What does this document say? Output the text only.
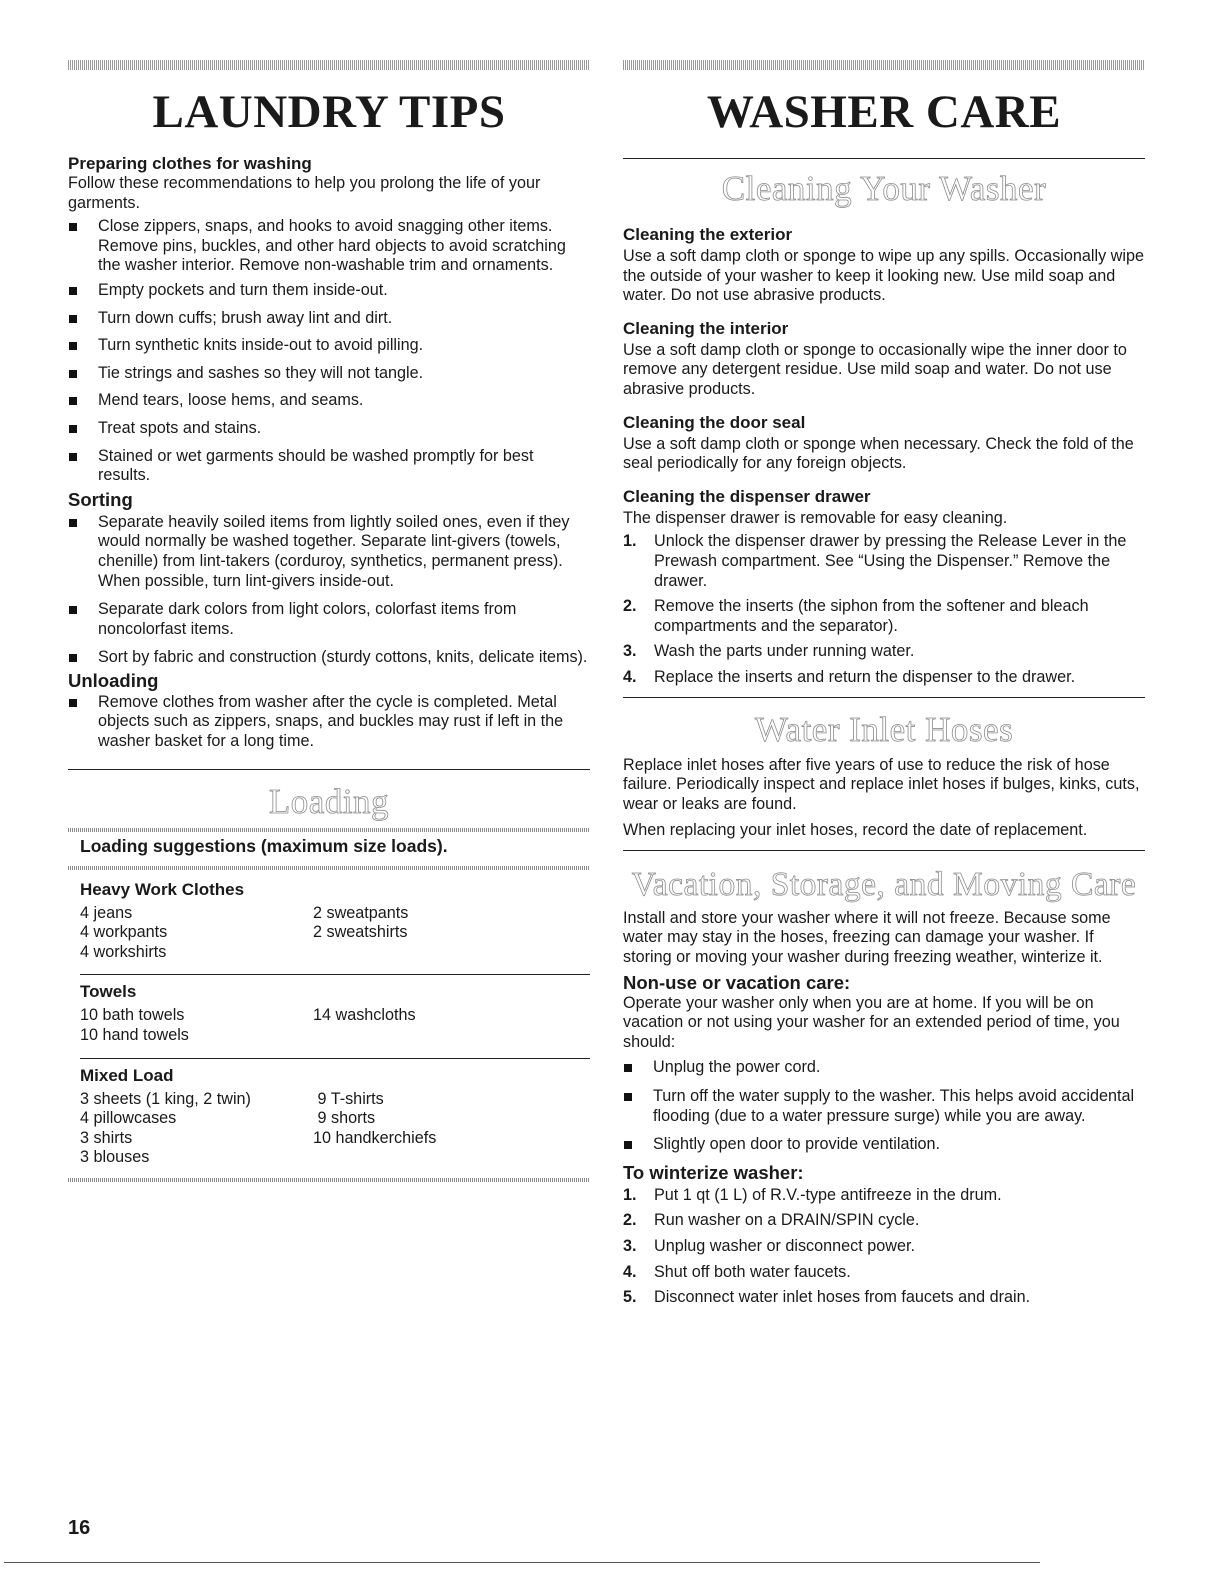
LAUNDRY TIPS
Preparing clothes for washing

Follow these recommendations to help you prolong the life of your garments.

Close zippers, snaps, and hooks to avoid snagging other items. Remove pins, buckles, and other hard objects to avoid scratching the washer interior. Remove non-washable trim and ornaments.
Empty pockets and turn them inside-out.
Turn down cuffs; brush away lint and dirt.
Turn synthetic knits inside-out to avoid pilling.
Tie strings and sashes so they will not tangle.
Mend tears, loose hems, and seams.
Treat spots and stains.
Stained or wet garments should be washed promptly for best results.
Sorting
Separate heavily soiled items from lightly soiled ones, even if they would normally be washed together. Separate lint-givers (towels, chenille) from lint-takers (corduroy, synthetics, permanent press). When possible, turn lint-givers inside-out.
Separate dark colors from light colors, colorfast items from noncolorfast items.
Sort by fabric and construction (sturdy cottons, knits, delicate items).
Unloading
Remove clothes from washer after the cycle is completed. Metal objects such as zippers, snaps, and buckles may rust if left in the washer basket for a long time.
Loading
Loading suggestions (maximum size loads).
Heavy Work Clothes
4 jeans
4 workpants
4 workshirts
2 sweatpants
2 sweatshirts
Towels
10 bath towels
10 hand towels
14 washcloths
Mixed Load
3 sheets (1 king, 2 twin)
4 pillowcases
3 shirts
3 blouses
9 T-shirts
9 shorts
10 handkerchiefs
WASHER CARE
Cleaning Your Washer
Cleaning the exterior

Use a soft damp cloth or sponge to wipe up any spills. Occasionally wipe the outside of your washer to keep it looking new. Use mild soap and water. Do not use abrasive products.

Cleaning the interior

Use a soft damp cloth or sponge to occasionally wipe the inner door to remove any detergent residue. Use mild soap and water. Do not use abrasive products.

Cleaning the door seal

Use a soft damp cloth or sponge when necessary. Check the fold of the seal periodically for any foreign objects.

Cleaning the dispenser drawer

The dispenser drawer is removable for easy cleaning.

1. Unlock the dispenser drawer by pressing the Release Lever in the Prewash compartment. See “Using the Dispenser.” Remove the drawer.
2. Remove the inserts (the siphon from the softener and bleach compartments and the separator).
3. Wash the parts under running water.
4. Replace the inserts and return the dispenser to the drawer.
Water Inlet Hoses

Replace inlet hoses after five years of use to reduce the risk of hose failure. Periodically inspect and replace inlet hoses if bulges, kinks, cuts, wear or leaks are found.

When replacing your inlet hoses, record the date of replacement.

Vacation, Storage, and Moving Care

Install and store your washer where it will not freeze. Because some water may stay in the hoses, freezing can damage your washer. If storing or moving your washer during freezing weather, winterize it.

Non-use or vacation care:

Operate your washer only when you are at home. If you will be on vacation or not using your washer for an extended period of time, you should:

Unplug the power cord.
Turn off the water supply to the washer. This helps avoid accidental flooding (due to a water pressure surge) while you are away.
Slightly open door to provide ventilation.
To winterize washer:
1. Put 1 qt (1 L) of R.V.-type antifreeze in the drum.
2. Run washer on a DRAIN/SPIN cycle.
3. Unplug washer or disconnect power.
4. Shut off both water faucets.
5. Disconnect water inlet hoses from faucets and drain.
16
